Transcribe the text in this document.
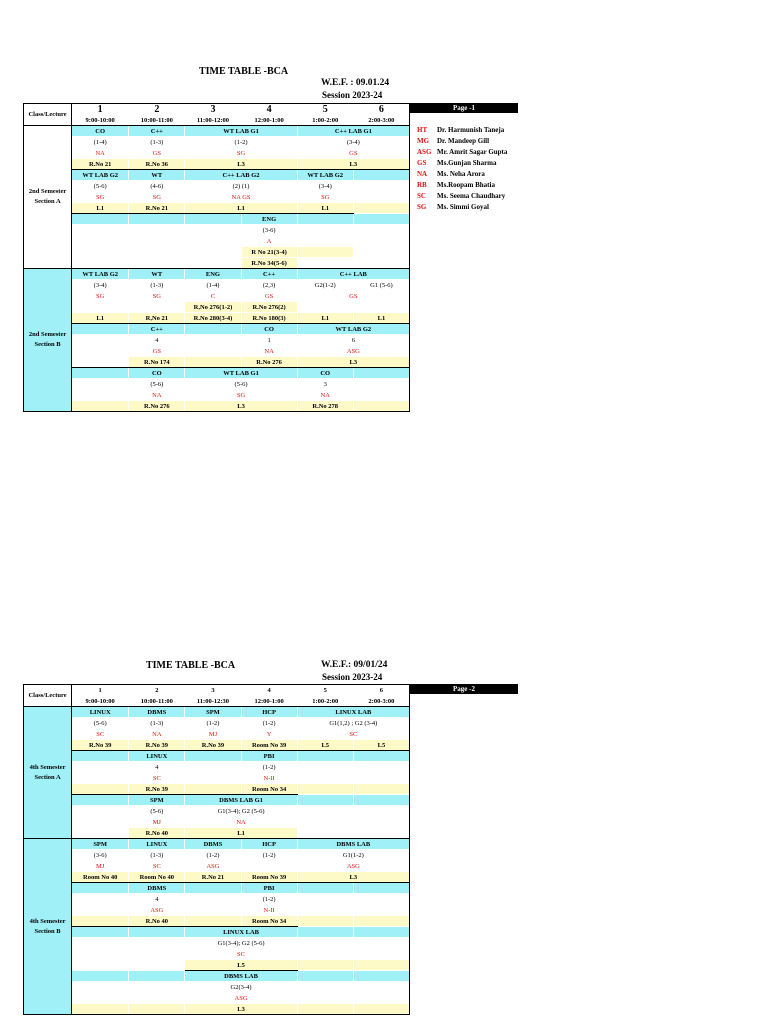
TIME TABLE -BCA
W.E.F. : 09.01.24
Session 2023-24
Page -1
Class/Lecture	1	2	3	4	5	6
	9:00-10:00	10:00-11:00	11:00-12:00	12:00-1:00	1:00-2:00	2:00-3:00
2nd Semester Section A	CO	C++	WT LAB G1		C++ LAB G1	
	(1-4)	(1-3)	(1-2)		(3-4)	
	NA	GS	SG		GS	
	R.No 21	R.No 36	L3		L3	
	WT LAB G2	WT	C++ LAB G2		WT LAB G2	
	(5-6)	(4-6)	(2) (1)		(3-4)	
	SG	SG	NA GS		SG	
	L1	R.No 21	L1		L1	
				ENG		
				(3-6)		
				A		
				R No 21(3-4)		
				R.No 34(5-6)		
2nd Semester Section B	WT LAB G2	WT	ENG	C++	C++ LAB	
	(3-4)	(1-3)	(1-4)	(2,3)	G2(1-2)	G1 (5-6)
	SG	SG	C	GS	GS	
			R,No 276(1-2)	R.No 276(2)		
	L1	R,No 21	R.No 280(3-4)	R.No 180(3)	L1	L1
		C++		CO	WT LAB G2	
		4		1	6	
		GS		NA	ASG	
		R.No 174		R.No 276	L3	
		CO	WT LAB G1		CO	
		(5-6)	(5-6)		3	
		NA	SG		NA	
		R.No 276	L3		R.No 278	
HT Dr. Harmunish Taneja
MG Dr. Mandeep Gill
ASG Mr. Amrit Sagar Gupta
GS Ms.Gunjan Sharma
NA Ms. Neha Arora
RB Ms.Roopam Bhatia
SC Ms. Seema Chaudhary
SG Ms. Simmi Goyal
TIME TABLE -BCA	W.E.F.: 09/01/24
Session 2023-24
Page -2
Class/Lecture	1	2	3	4	5	6
	9:00-10:00	10:00-11:00	11:00-12:30	12:00-1:00	1:00-2:00	2:00-3:00
4th Semester Section A	LINUX	DBMS	SPM	HCP	LINUX LAB	
	(5-6)	(1-3)	(1-2)	(1-2)	G1(1,2) ; G2 (3-4)	
	SC	NA	MJ	Y	SC	
	R.No 39	R.No 39	R.No 39	Room No 39	L5	L5
		LINUX		PBI		
		4		(1-2)		
		SC		N-II		
		R.No 39		Room No 34		
		SPM	DBMS LAB G1			
		(5-6)	G1(3-4); G2 (5-6)			
		MJ	NA			
		R.No 40	L1			
4th Semester Section B	SPM	LINUX	DBMS	HCP	DBMS LAB	
	(3-6)	(1-3)	(1-2)	(1-2)	G1(1-2)	
	MJ	SC	ASG		ASG	
	Room No 40	Room No 40	R.No 21	Room No 39	L3	
		DBMS		PBI		
		4		(1-2)		
		ASG		N-II		
		R.No 40		Room No 34		
			LINUX LAB			
			G1(3-4); G2 (5-6)			
			SC			
			L5			
			DBMS LAB			
			G2(3-4)			
			ASG			
			L3			
